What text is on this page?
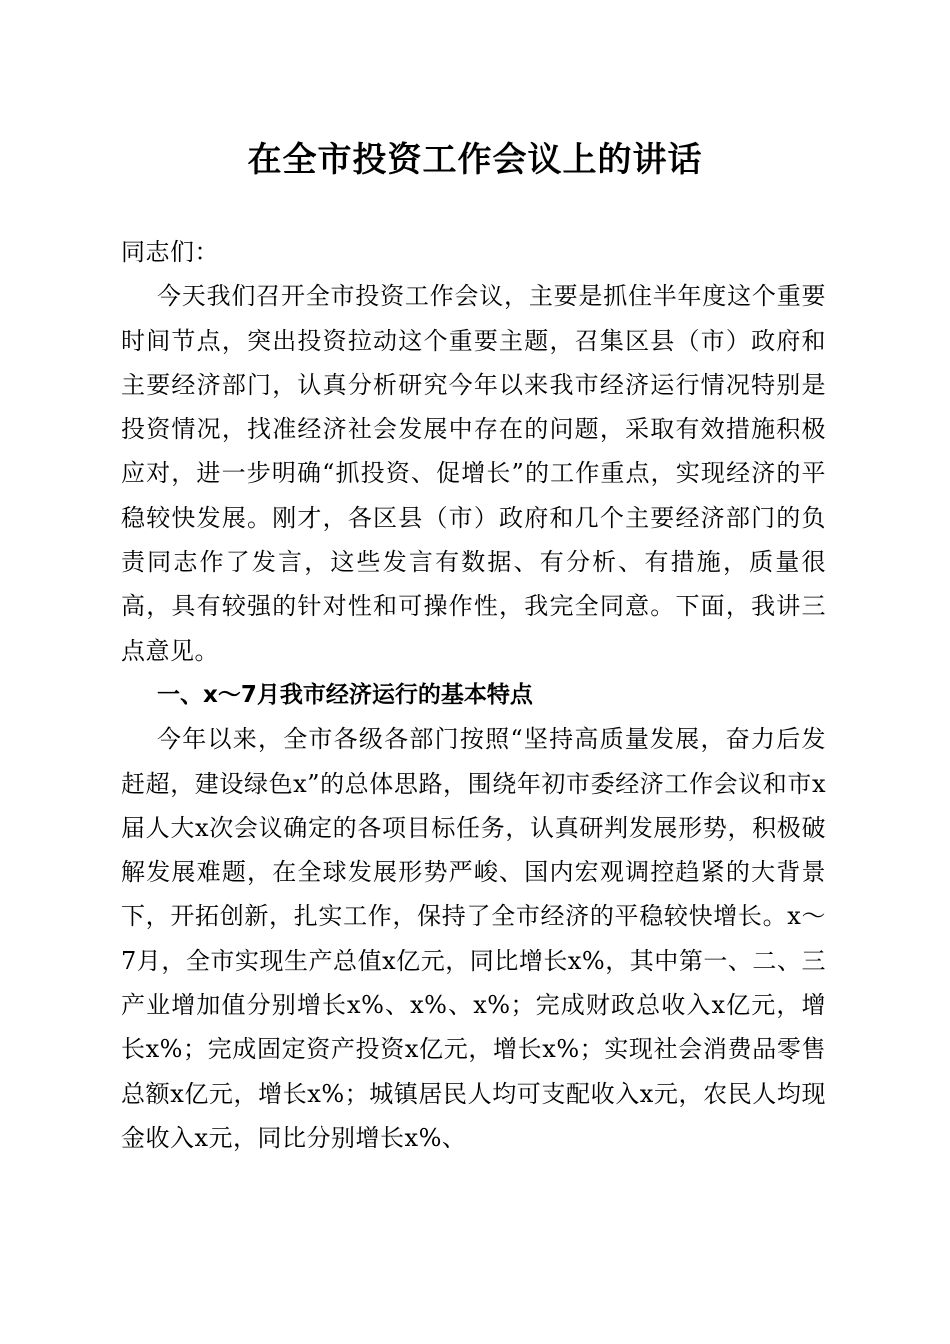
在全市投资工作会议上的讲话

同志们：

今天我们召开全市投资工作会议，主要是抓住半年度这个重要时间节点，突出投资拉动这个重要主题，召集区县（市）政府和主要经济部门，认真分析研究今年以来我市经济运行情况特别是投资情况，找准经济社会发展中存在的问题，采取有效措施积极应对，进一步明确“抓投资、促增长”的工作重点，实现经济的平稳较快发展。刚才，各区县（市）政府和几个主要经济部门的负责同志作了发言，这些发言有数据、有分析、有措施，质量很高，具有较强的针对性和可操作性，我完全同意。下面，我讲三点意见。

一、x～7月我市经济运行的基本特点

今年以来，全市各级各部门按照“坚持高质量发展，奋力后发赶超，建设绿色x”的总体思路，围绕年初市委经济工作会议和市x届人大x次会议确定的各项目标任务，认真研判发展形势，积极破解发展难题，在全球发展形势严峻、国内宏观调控趋紧的大背景下，开拓创新，扎实工作，保持了全市经济的平稳较快增长。x～7月，全市实现生产总值x亿元，同比增长x%，其中第一、二、三产业增加值分别增长x%、x%、x%；完成财政总收入x亿元，增长x%；完成固定资产投资x亿元，增长x%；实现社会消费品零售总额x亿元，增长x%；城镇居民人均可支配收入x元，农民人均现金收入x元，同比分别增长x%、
